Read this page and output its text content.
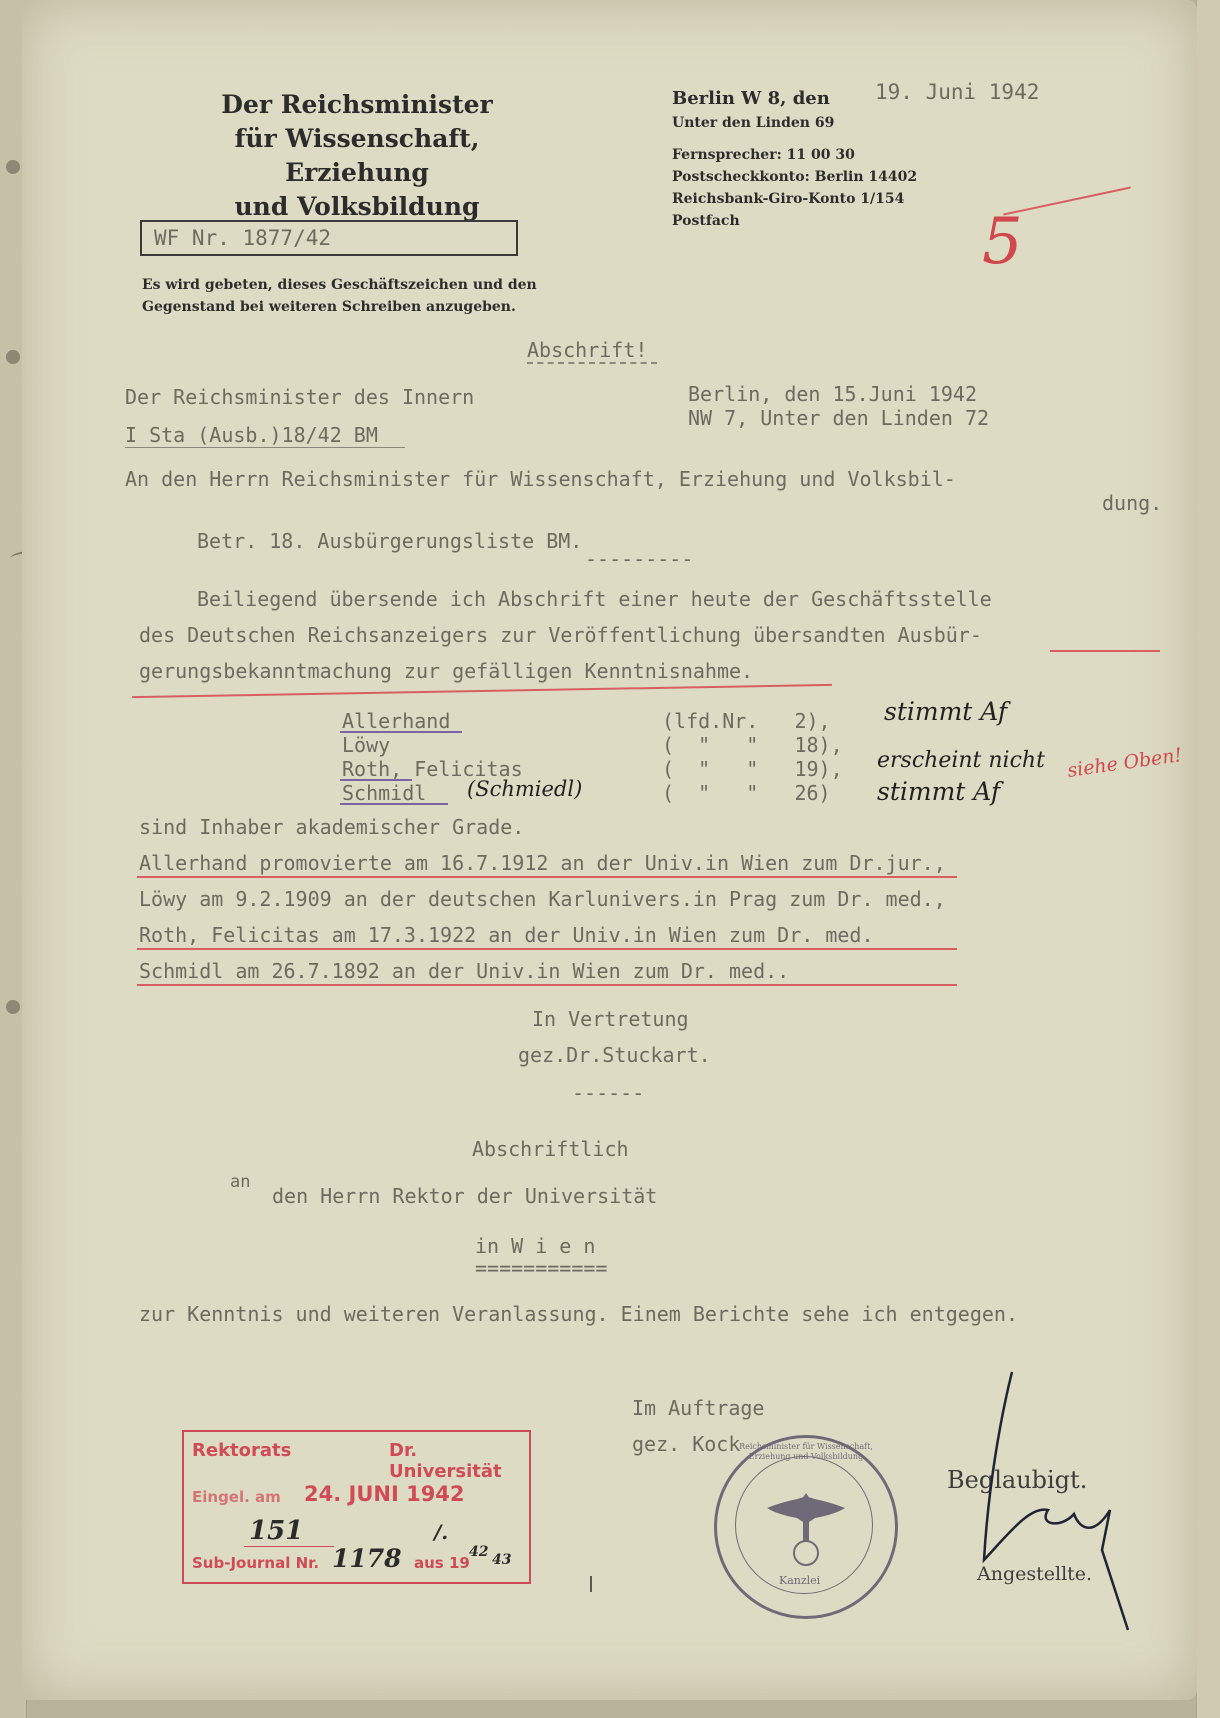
Der Reichsminister
für Wissenschaft, Erziehung
und Volksbildung
WF Nr. 1877/42
Es wird gebeten, dieses Geschäftszeichen und den
Gegenstand bei weiteren Schreiben anzugeben.
Berlin W 8, den
Unter den Linden 69
Fernsprecher: 11 00 30
Postscheckkonto: Berlin 14402
Reichsbank-Giro-Konto 1/154
Postfach
19. Juni 1942
5
Abschrift!
Der Reichsminister des Innern
I Sta (Ausb.)18/42 BM
Berlin, den 15.Juni 1942
NW 7, Unter den Linden 72
An den Herrn Reichsminister für Wissenschaft, Erziehung und Volksbil-
dung.
Betr. 18. Ausbürgerungsliste BM.
---------
Beiliegend übersende ich Abschrift einer heute der Geschäftsstelle
des Deutschen Reichsanzeigers zur Veröffentlichung übersandten Ausbür-
gerungsbekanntmachung zur gefälligen Kenntnisnahme.
Allerhand
Löwy
Roth, Felicitas
Schmidl (Schmiedl)
(lfd.Nr.   2),
(  "   "   18),
(  "   "   19),
(  "   "   26)
stimmt Af
erscheint nicht
stimmt Af
siehe Oben!
sind Inhaber akademischer Grade.
Allerhand promovierte am 16.7.1912 an der Univ.in Wien zum Dr.jur.,
Löwy am 9.2.1909 an der deutschen Karlunivers.in Prag zum Dr. med.,
Roth, Felicitas am 17.3.1922 an der Univ.in Wien zum Dr. med.
Schmidl am 26.7.1892 an der Univ.in Wien zum Dr. med..
In Vertretung
gez.Dr.Stuckart.
------
Abschriftlich
an
den Herrn Rektor der Universität
in W i e n
===========
zur Kenntnis und weiteren Veranlassung. Einem Berichte sehe ich entgegen.
Im Auftrage
gez. Kock
Rektorats	Dr. Universität
Eingel. am 24. JUNI 1942
151	/.
Sub-Journal Nr. 1178 aus 19
42 43
Kanzlei
Reichsminister für Wissenschaft, Erziehung und Volksbildung
Beglaubigt.
Angestellte.
